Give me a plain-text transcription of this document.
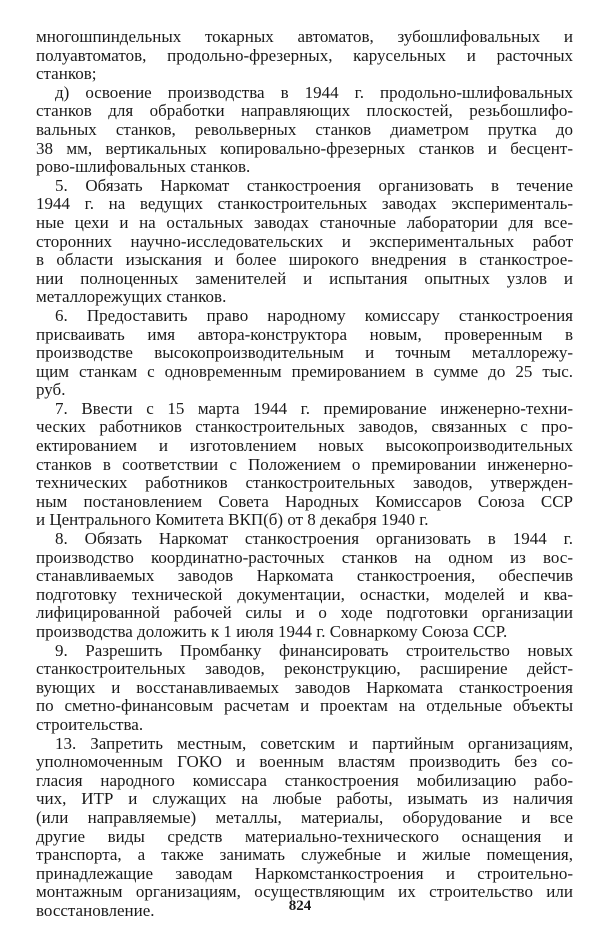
многошпиндельных токарных автоматов, зубошлифовальных и
полуавтоматов, продольно-фрезерных, карусельных и расточных
станков;
д) освоение производства в 1944 г. продольно-шлифовальных
станков для обработки направляющих плоскостей, резьбошлифо-
вальных станков, револьверных станков диаметром прутка до
38 мм, вертикальных копировально-фрезерных станков и бесцент-
рово-шлифовальных станков.
5. Обязать Наркомат станкостроения организовать в течение
1944 г. на ведущих станкостроительных заводах эксперименталь-
ные цехи и на остальных заводах станочные лаборатории для все-
сторонних научно-исследовательских и экспериментальных работ
в области изыскания и более широкого внедрения в станкострое-
нии полноценных заменителей и испытания опытных узлов и
металлорежущих станков.
6. Предоставить право народному комиссару станкостроения
присваивать имя автора-конструктора новым, проверенным в
производстве высокопроизводительным и точным металлорежу-
щим станкам с одновременным премированием в сумме до 25 тыс.
руб.
7. Ввести с 15 марта 1944 г. премирование инженерно-техни-
ческих работников станкостроительных заводов, связанных с про-
ектированием и изготовлением новых высокопроизводительных
станков в соответствии с Положением о премировании инженерно-
технических работников станкостроительных заводов, утвержден-
ным постановлением Совета Народных Комиссаров Союза ССР
и Центрального Комитета ВКП(б) от 8 декабря 1940 г.
8. Обязать Наркомат станкостроения организовать в 1944 г.
производство координатно-расточных станков на одном из вос-
станавливаемых заводов Наркомата станкостроения, обеспечив
подготовку технической документации, оснастки, моделей и ква-
лифицированной рабочей силы и о ходе подготовки организации
производства доложить к 1 июля 1944 г. Совнаркому Союза ССР.
9. Разрешить Промбанку финансировать строительство новых
станкостроительных заводов, реконструкцию, расширение дейст-
вующих и восстанавливаемых заводов Наркомата станкостроения
по сметно-финансовым расчетам и проектам на отдельные объекты
строительства.
13. Запретить местным, советским и партийным организациям,
уполномоченным ГОКО и военным властям производить без со-
гласия народного комиссара станкостроения мобилизацию рабо-
чих, ИТР и служащих на любые работы, изымать из наличия
(или направляемые) металлы, материалы, оборудование и все
другие виды средств материально-технического оснащения и
транспорта, а также занимать служебные и жилые помещения,
принадлежащие заводам Наркомстанкостроения и строительно-
монтажным организациям, осуществляющим их строительство или
восстановление.	824
